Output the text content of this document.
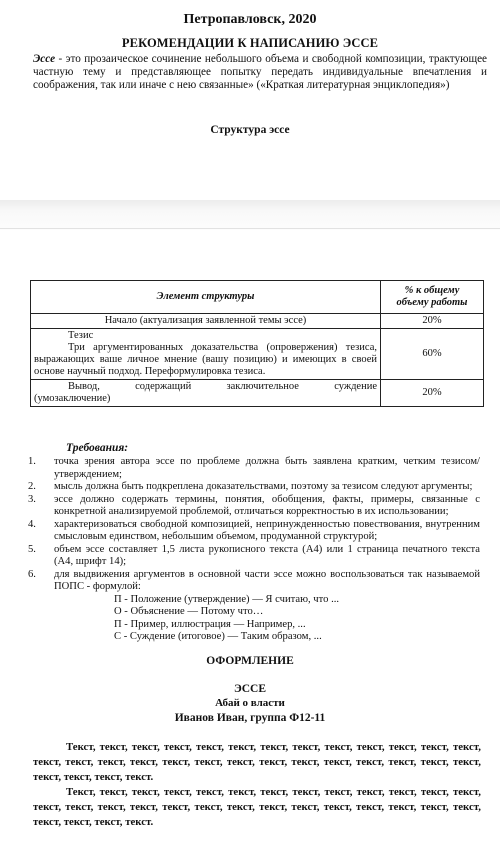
Петропавловск, 2020
РЕКОМЕНДАЦИИ К НАПИСАНИЮ ЭССЕ
Эссе - это прозаическое сочинение небольшого объема и свободной композиции, трактующее частную тему и представляющее попытку передать индивидуальные впечатления и соображения, так или иначе с нею связанные» («Краткая литературная энциклопедия»)
Структура эссе
Элемент структуры	% к общему
объему работы
Начало (актуализация заявленной темы эссе)	20%

Тезис
Три аргументированных доказательства (опровержения) тезиса, выражающих ваше личное мнение (вашу позицию) и имеющих в своей основе научный подход. Переформулировка тезиса.	60%

Вывод,          содержащий          заключительное          суждение
(умозаключение)	20%
Требования:
1.	точка зрения автора эссе по проблеме должна быть заявлена кратким, четким тезисом/утверждением;
2.	мысль должна быть подкреплена доказательствами, поэтому за тезисом следуют аргументы;
3.	эссе должно содержать термины, понятия, обобщения, факты, примеры, связанные с конкретной анализируемой проблемой, отличаться корректностью в их использовании;
4.	характеризоваться свободной композицией, непринужденностью повествования, внутренним смысловым единством, небольшим объемом, продуманной структурой;
5.	объем эссе составляет 1,5 листа рукописного текста (А4) или 1 страница печатного текста (А4, шрифт 14);
6.	для выдвижения аргументов в основной части эссе можно воспользоваться так называемой ПОПС - формулой:
П - Положение (утверждение) — Я считаю, что ...
О - Объяснение — Потому что…
П - Пример, иллюстрация — Например, ...
С - Суждение (итоговое) — Таким образом, ...
ОФОРМЛЕНИЕ
ЭССЕ
Абай о власти
Иванов Иван, группа Ф12-11

Текст, текст, текст, текст, текст, текст, текст, текст, текст, текст, текст, текст, текст, текст, текст, текст, текст, текст, текст, текст, текст, текст, текст, текст, текст, текст, текст, текст, текст, текст, текст.

Текст, текст, текст, текст, текст, текст, текст, текст, текст, текст, текст, текст, текст, текст, текст, текст, текст, текст, текст, текст, текст, текст, текст, текст, текст, текст, текст, текст, текст, текст, текст.
